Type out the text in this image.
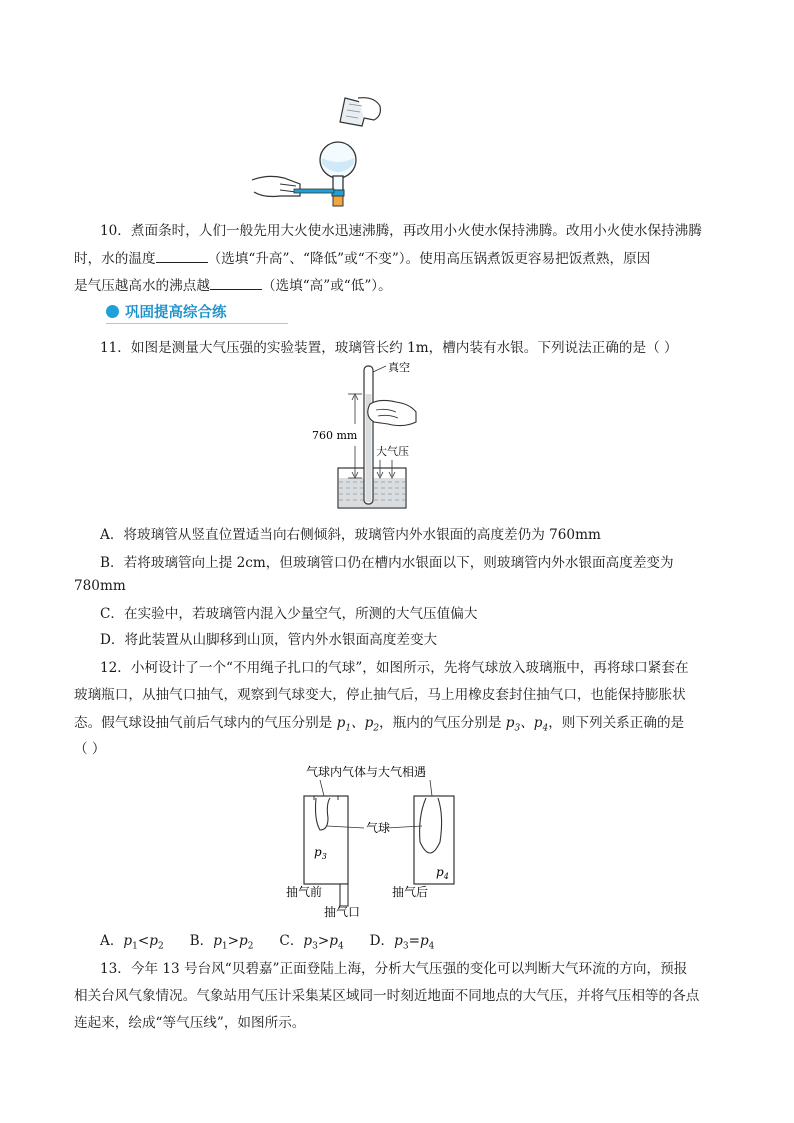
10．煮面条时，人们一般先用大火使水迅速沸腾，再改用小火使水保持沸腾。改用小火使水保持沸腾
时，水的温度	（选填“升高”、“降低”或“不变”）。使用高压锅煮饭更容易把饭煮熟，原因
是气压越高水的沸点越	（选填“高”或“低”）。
巩固提高综合练
11．如图是测量大气压强的实验装置，玻璃管长约 1m，槽内装有水银。下列说法正确的是（ ）
真空
760 mm
大气压
A．将玻璃管从竖直位置适当向右侧倾斜，玻璃管内外水银面的高度差仍为 760mm
B．若将玻璃管向上提 2cm，但玻璃管口仍在槽内水银面以下，则玻璃管内外水银面高度差变为
780mm
C．在实验中，若玻璃管内混入少量空气，所测的大气压值偏大
D．将此装置从山脚移到山顶，管内外水银面高度差变大
12．小柯设计了一个“不用绳子扎口的气球”，如图所示，先将气球放入玻璃瓶中，再将球口紧套在
玻璃瓶口，从抽气口抽气，观察到气球变大，停止抽气后，马上用橡皮套封住抽气口，也能保持膨胀状
态。假气球设抽气前后气球内的气压分别是 $p_1$、$p_2$，瓶内的气压分别是 $p_3$、$p_4$，则下列关系正确的是
（ ）
气球内气体与大气相遇
$p_3$
$p_4$
气球
抽气前	抽气后
抽气口
A．$p_1<p_2$ B．$p_1>p_2$ C．$p_3>p_4$ D．$p_3=p_4$
13．今年 13 号台风“贝碧嘉”正面登陆上海，分析大气压强的变化可以判断大气环流的方向，预报
相关台风气象情况。气象站用气压计采集某区域同一时刻近地面不同地点的大气压，并将气压相等的各点
连起来，绘成“等气压线”，如图所示。
